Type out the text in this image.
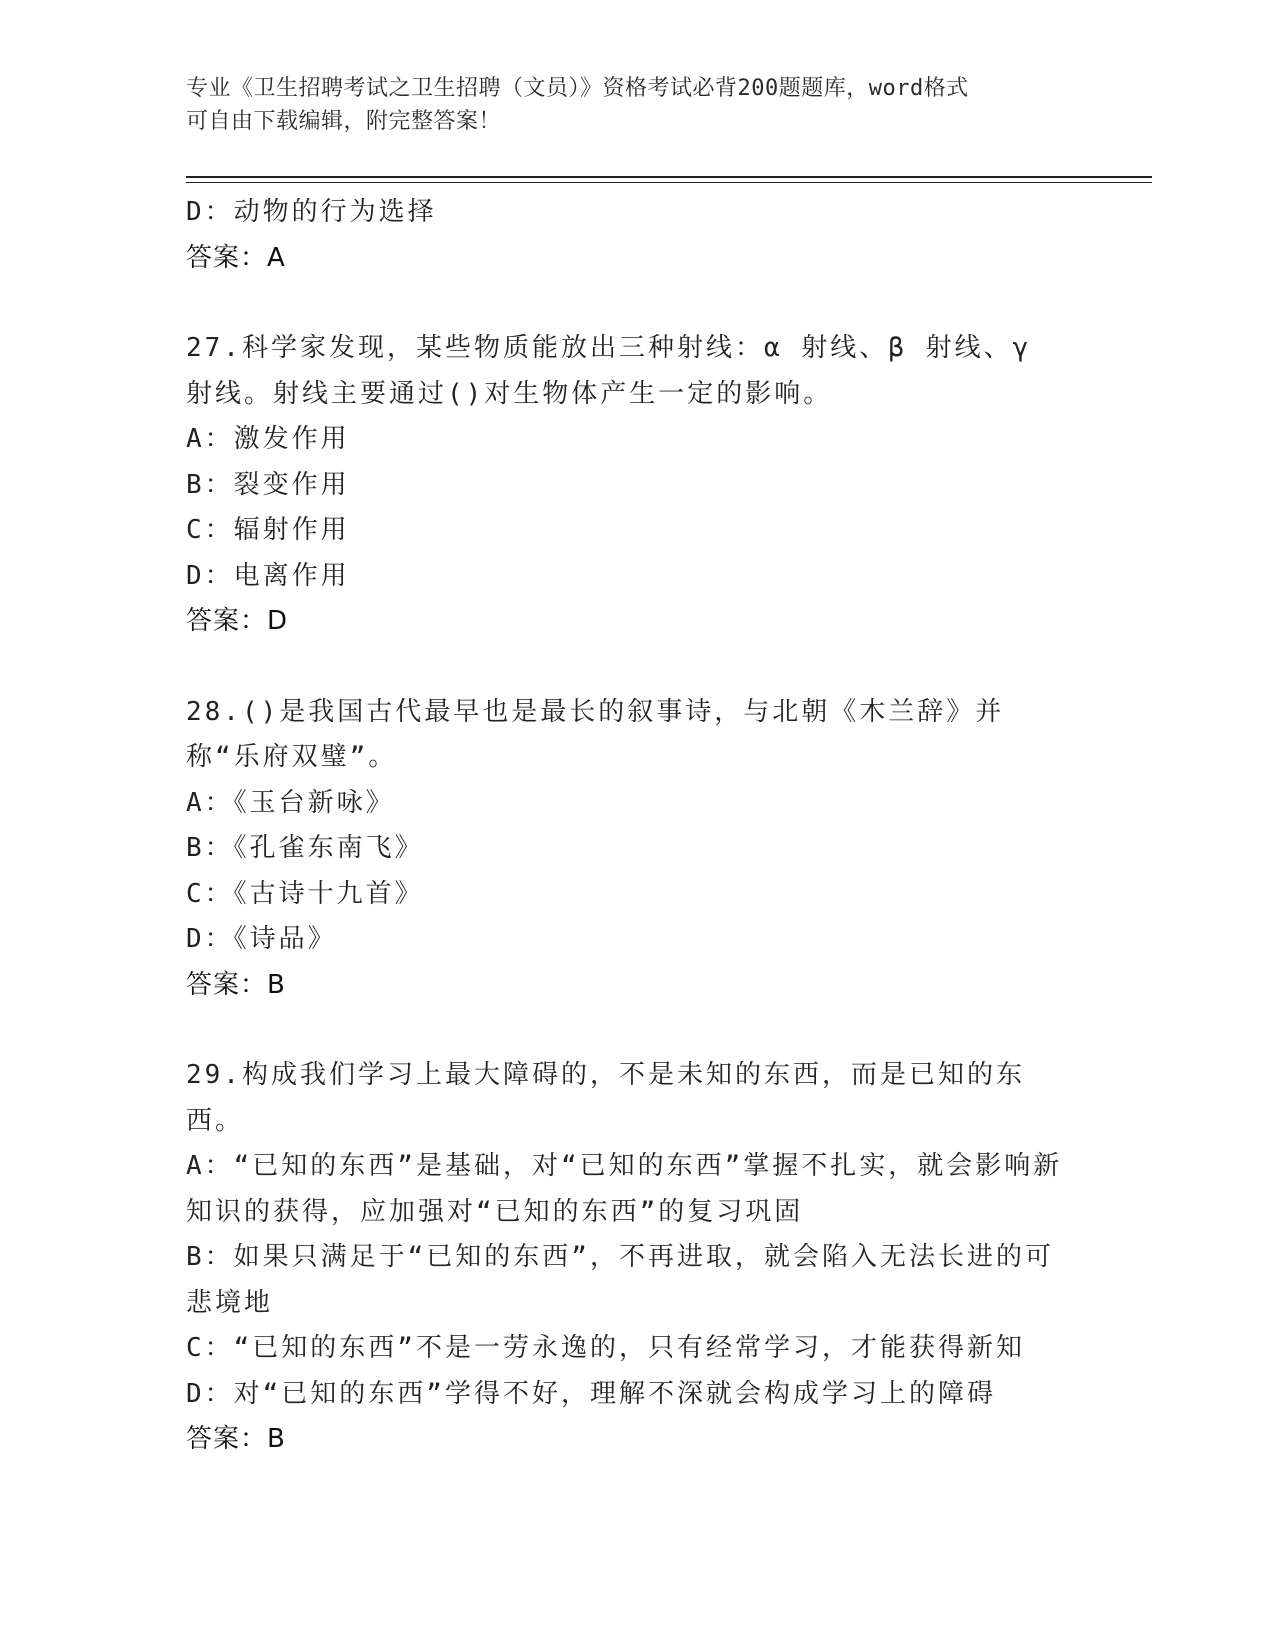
专业《卫生招聘考试之卫生招聘（文员）》资格考试必背200题题库，word格式
可自由下载编辑，附完整答案！

D：动物的行为选择

答案：A

27.科学家发现，某些物质能放出三种射线：α 射线、β 射线、γ 射线。射线主要通过()对生物体产生一定的影响。

A：激发作用

B：裂变作用

C：辐射作用

D：电离作用

答案：D

28.()是我国古代最早也是最长的叙事诗，与北朝《木兰辞》并称“乐府双璧”。

A：《玉台新咏》

B：《孔雀东南飞》

C：《古诗十九首》

D：《诗品》

答案：B

29.构成我们学习上最大障碍的，不是未知的东西，而是已知的东西。

A：“已知的东西”是基础，对“已知的东西”掌握不扎实，就会影响新知识的获得，应加强对“已知的东西”的复习巩固

B：如果只满足于“已知的东西”，不再进取，就会陷入无法长进的可悲境地

C：“已知的东西”不是一劳永逸的，只有经常学习，才能获得新知

D：对“已知的东西”学得不好，理解不深就会构成学习上的障碍

答案：B
